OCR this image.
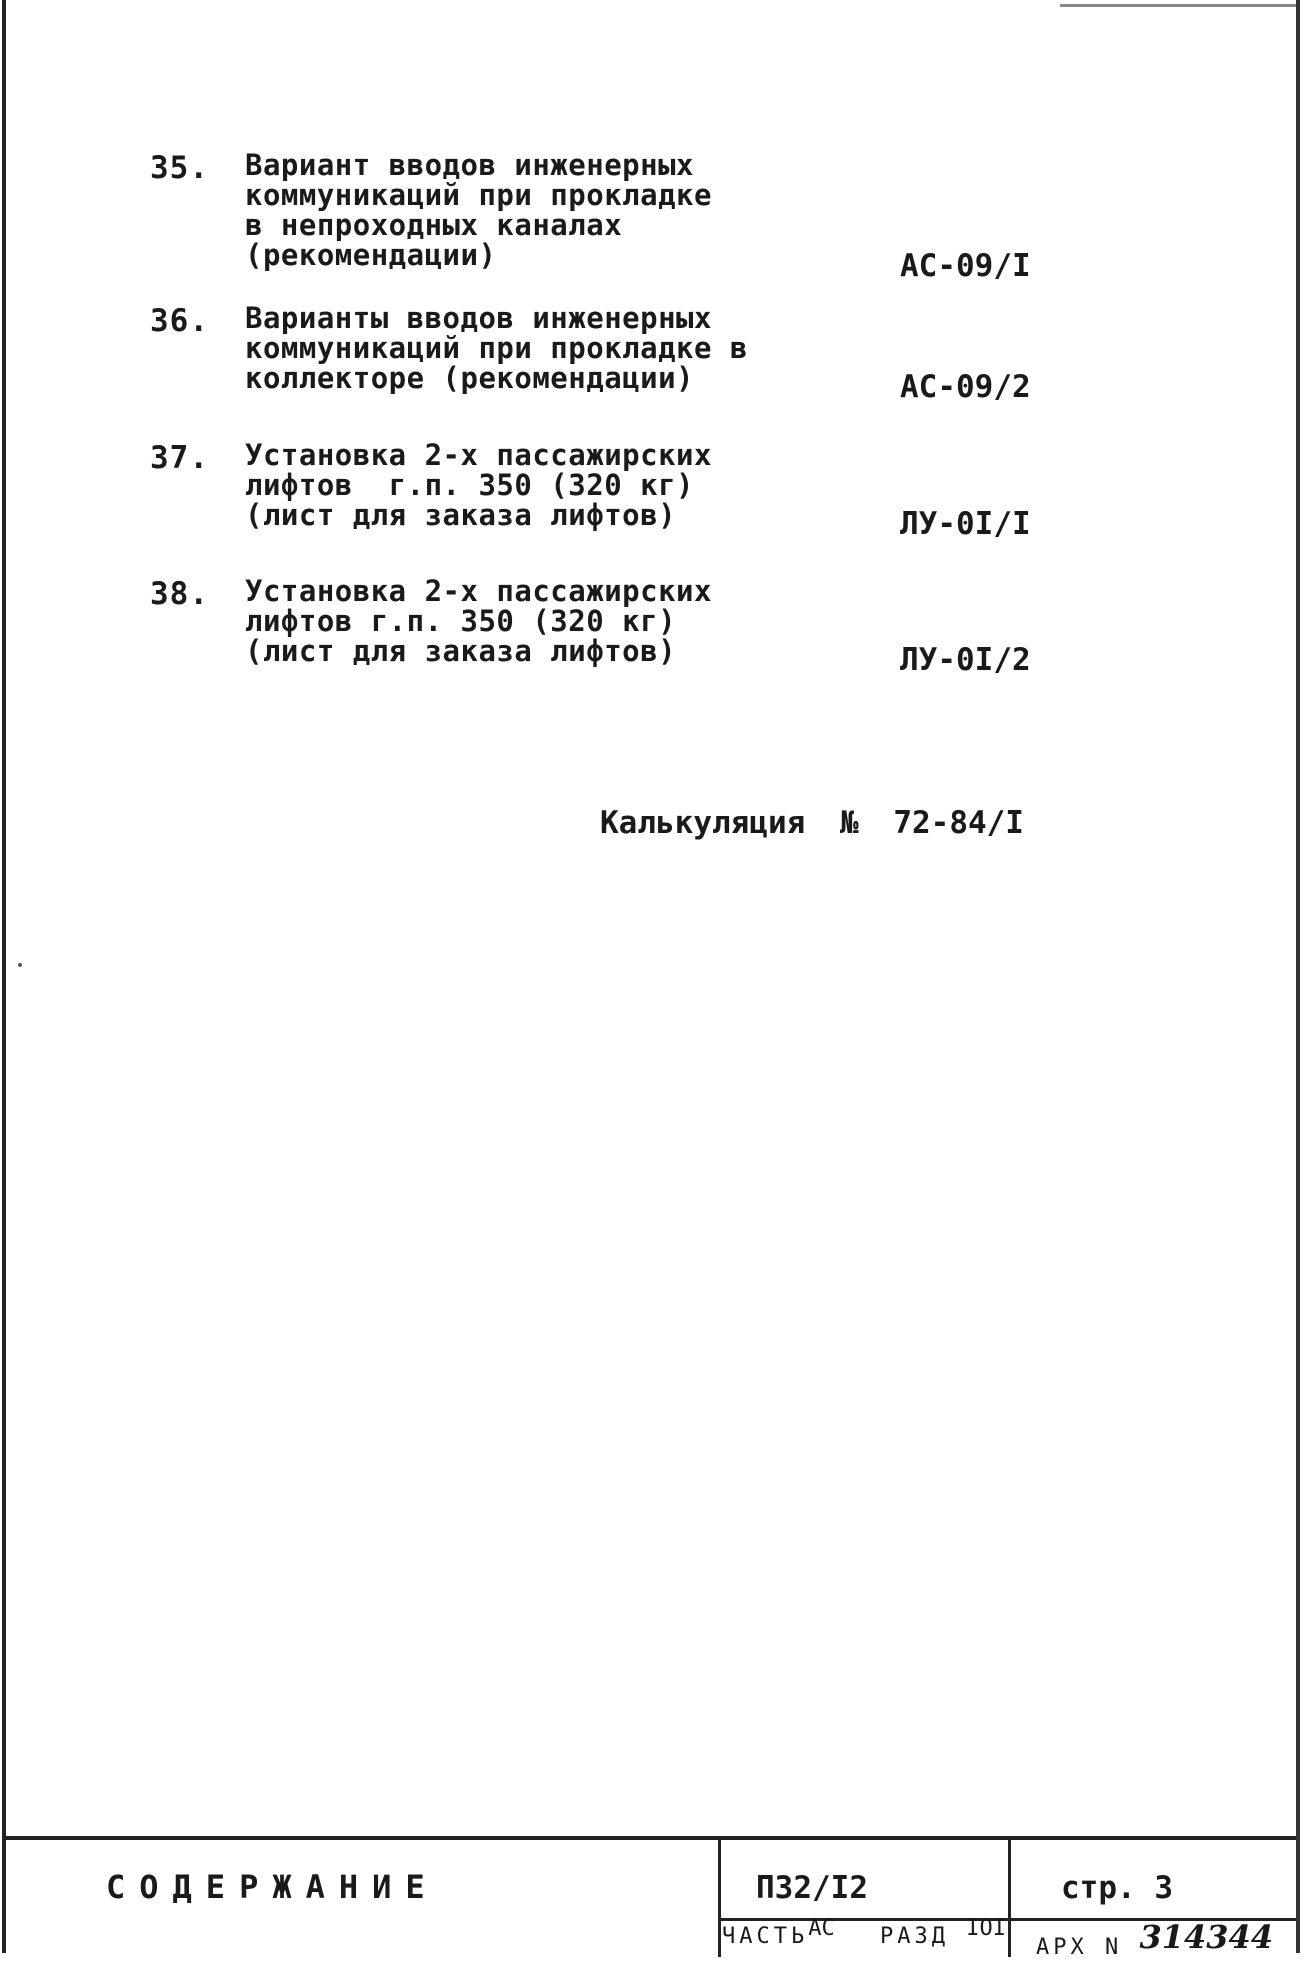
35. Вариант вводов инженерных
коммуникаций при прокладке
в непроходных каналах
(рекомендации)	АС-09/I
36. Варианты вводов инженерных
коммуникаций при прокладке в
коллекторе (рекомендации)	АС-09/2
37. Установка 2-х пассажирских
лифтов  г.п. 350 (320 кг)
(лист для заказа лифтов)	ЛУ-0I/I
38. Установка 2-х пассажирских
лифтов г.п. 350 (320 кг)
(лист для заказа лифтов)	ЛУ-0I/2
Калькуляция № 72-84/I
СОДЕРЖАНИЕ	П32/I2	стр. 3
ЧАСТЬАС РАЗД IOI
АРХ N 314344
